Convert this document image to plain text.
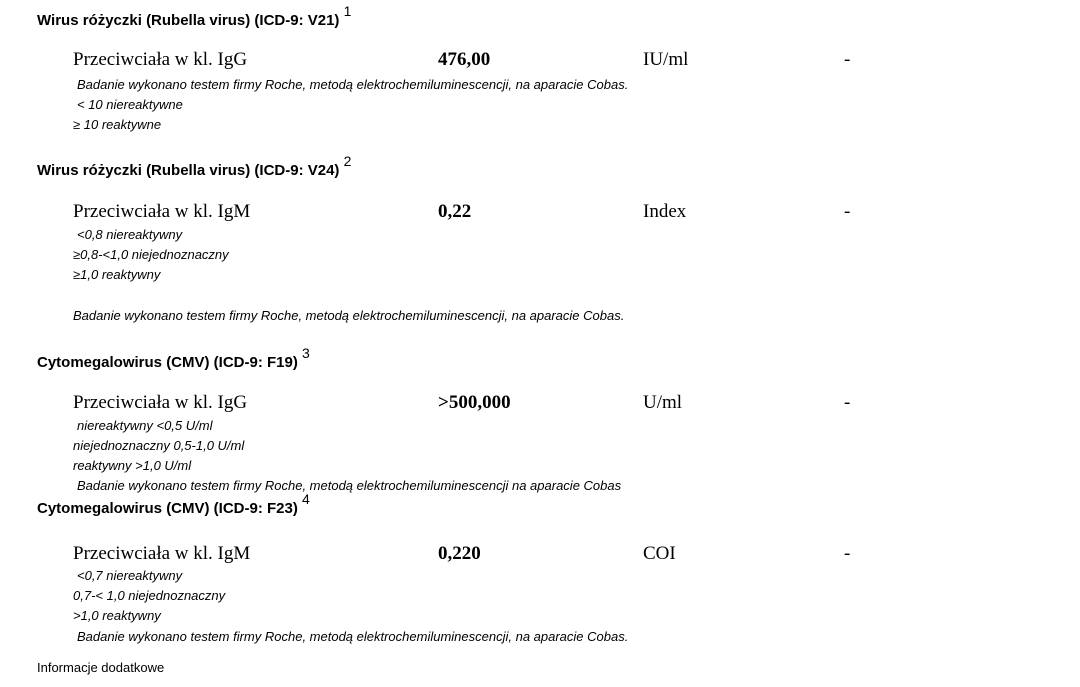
Wirus różyczki (Rubella virus) (ICD-9: V21) $^1$
Przeciwciała w kl. IgG	476,00	IU/ml	-
Badanie wykonano testem firmy Roche, metodą elektrochemiluminescencji, na aparacie Cobas.
< 10 niereaktywne
≥ 10 reaktywne
Wirus różyczki (Rubella virus) (ICD-9: V24) $^2$
Przeciwciała w kl. IgM	0,22	Index	-
<0,8 niereaktywny
≥0,8-<1,0 niejednoznaczny
≥1,0 reaktywny
Badanie wykonano testem firmy Roche, metodą elektrochemiluminescencji, na aparacie Cobas.
Cytomegalowirus (CMV) (ICD-9: F19) $^3$
Przeciwciała w kl. IgG	>500,000	U/ml	-
niereaktywny <0,5 U/ml
niejednoznaczny 0,5-1,0 U/ml
reaktywny >1,0 U/ml
Badanie wykonano testem firmy Roche, metodą elektrochemiluminescencji na aparacie Cobas
Cytomegalowirus (CMV) (ICD-9: F23) $^4$
Przeciwciała w kl. IgM	0,220	COI	-
<0,7 niereaktywny
0,7-< 1,0 niejednoznaczny
>1,0 reaktywny
Badanie wykonano testem firmy Roche, metodą elektrochemiluminescencji, na aparacie Cobas.
Informacje dodatkowe
